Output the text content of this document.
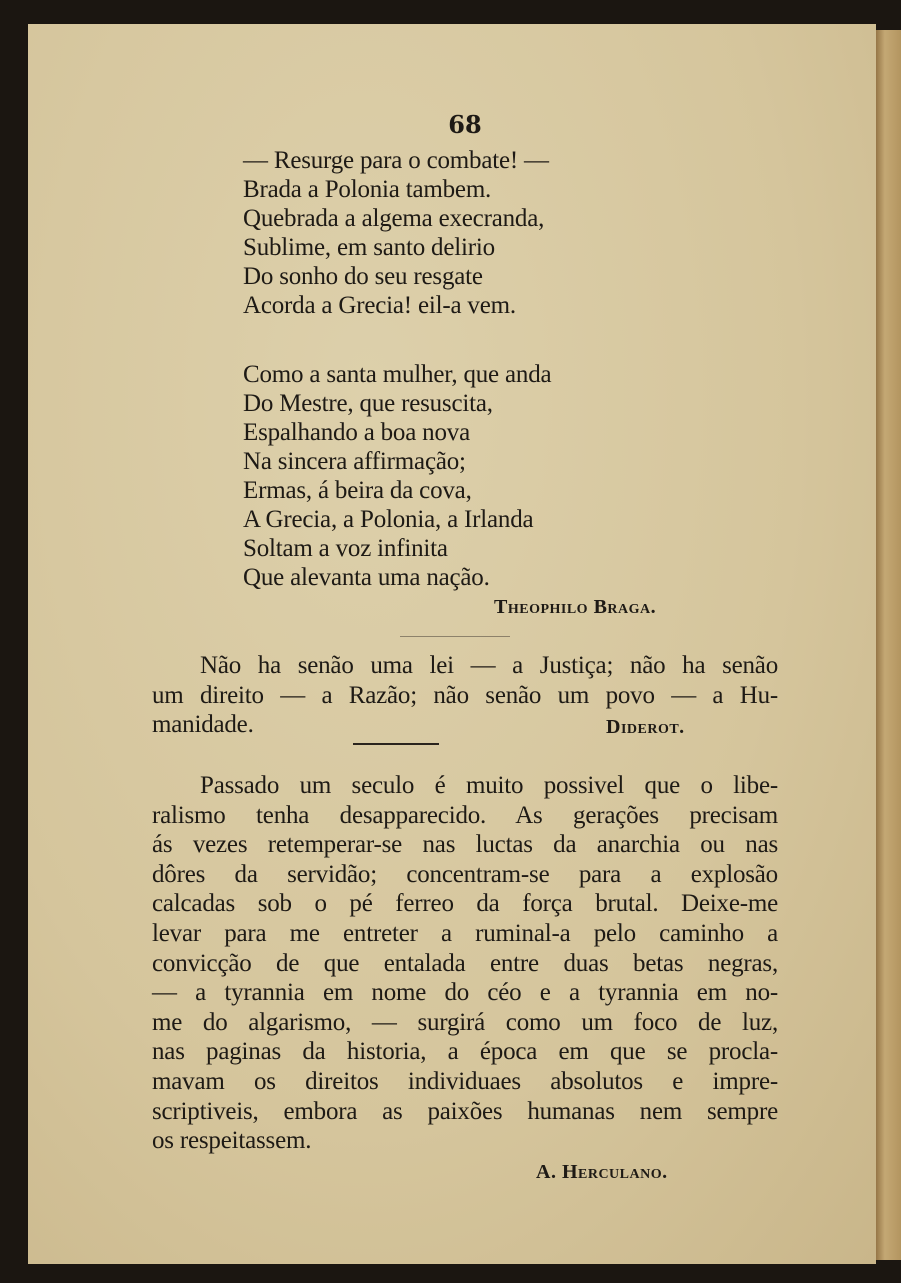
68
— Resurge para o combate! —
Brada a Polonia tambem.
Quebrada a algema execranda,
Sublime, em santo delirio
Do sonho do seu resgate
Acorda a Grecia! eil-a vem.
Como a santa mulher, que anda
Do Mestre, que resuscita,
Espalhando a boa nova
Na sincera affirmação;
Ermas, á beira da cova,
A Grecia, a Polonia, a Irlanda
Soltam a voz infinita
Que alevanta uma nação.
Theophilo Braga.
Não ha senão uma lei — a Justiça; não ha senão
um direito — a Razão; não senão um povo — a Hu-
manidade.	Diderot.
Passado um seculo é muito possivel que o libe-
ralismo tenha desapparecido. As gerações precisam
ás vezes retemperar-se nas luctas da anarchia ou nas
dôres da servidão; concentram-se para a explosão
calcadas sob o pé ferreo da força brutal. Deixe-me
levar para me entreter a ruminal-a pelo caminho a
convicção de que entalada entre duas betas negras,
— a tyrannia em nome do céo e a tyrannia em no-
me do algarismo, — surgirá como um foco de luz,
nas paginas da historia, a época em que se procla-
mavam os direitos individuaes absolutos e impre-
scriptiveis, embora as paixões humanas nem sempre
os respeitassem.
A. Herculano.
